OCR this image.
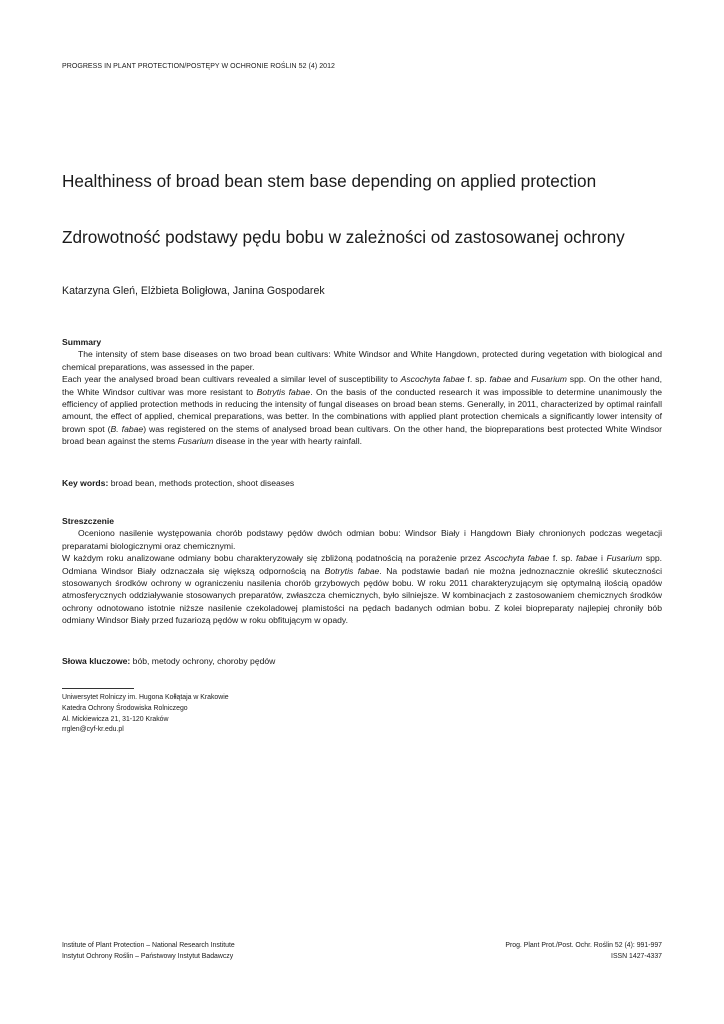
PROGRESS IN PLANT PROTECTION/POSTĘPY W OCHRONIE ROŚLIN 52 (4) 2012
Healthiness of broad bean stem base depending on applied protection
Zdrowotność podstawy pędu bobu w zależności od zastosowanej ochrony
Katarzyna Gleń, Elżbieta Boligłowa, Janina Gospodarek
Summary

The intensity of stem base diseases on two broad bean cultivars: White Windsor and White Hangdown, protected during vegetation with biological and chemical preparations, was assessed in the paper.

Each year the analysed broad bean cultivars revealed a similar level of susceptibility to Ascochyta fabae f. sp. fabae and Fusarium spp. On the other hand, the White Windsor cultivar was more resistant to Botrytis fabae. On the basis of the conducted research it was impossible to determine unanimously the efficiency of applied protection methods in reducing the intensity of fungal diseases on broad bean stems. Generally, in 2011, characterized by optimal rainfall amount, the effect of applied, chemical preparations, was better. In the combinations with applied plant protection chemicals a significantly lower intensity of brown spot (B. fabae) was registered on the stems of analysed broad bean cultivars. On the other hand, the biopreparations best protected White Windsor broad bean against the stems Fusarium disease in the year with hearty rainfall.

Key words: broad bean, methods protection, shoot diseases
Streszczenie

Oceniono nasilenie występowania chorób podstawy pędów dwóch odmian bobu: Windsor Biały i Hangdown Biały chronionych podczas wegetacji preparatami biologicznymi oraz chemicznymi.

W każdym roku analizowane odmiany bobu charakteryzowały się zbliżoną podatnością na porażenie przez Ascochyta fabae f. sp. fabae i Fusarium spp. Odmiana Windsor Biały odznaczała się większą odpornością na Botrytis fabae. Na podstawie badań nie można jednoznacznie określić skuteczności stosowanych środków ochrony w ograniczeniu nasilenia chorób grzybowych pędów bobu. W roku 2011 charakteryzującym się optymalną ilością opadów atmosferycznych oddziaływanie stosowanych preparatów, zwłaszcza chemicznych, było silniejsze. W kombinacjach z zastosowaniem chemicznych środków ochrony odnotowano istotnie niższe nasilenie czekoladowej plamistości na pędach badanych odmian bobu. Z kolei biopreparaty najlepiej chroniły bób odmiany Windsor Biały przed fuzariozą pędów w roku obfitującym w opady.

Słowa kluczowe: bób, metody ochrony, choroby pędów
Uniwersytet Rolniczy im. Hugona Kołłątaja w Krakowie
Katedra Ochrony Środowiska Rolniczego
Al. Mickiewicza 21, 31-120 Kraków
rrglen@cyf-kr.edu.pl
Institute of Plant Protection – National Research Institute
Instytut Ochrony Roślin – Państwowy Instytut Badawczy
Prog. Plant Prot./Post. Ochr. Roślin 52 (4): 991-997
ISSN 1427-4337
